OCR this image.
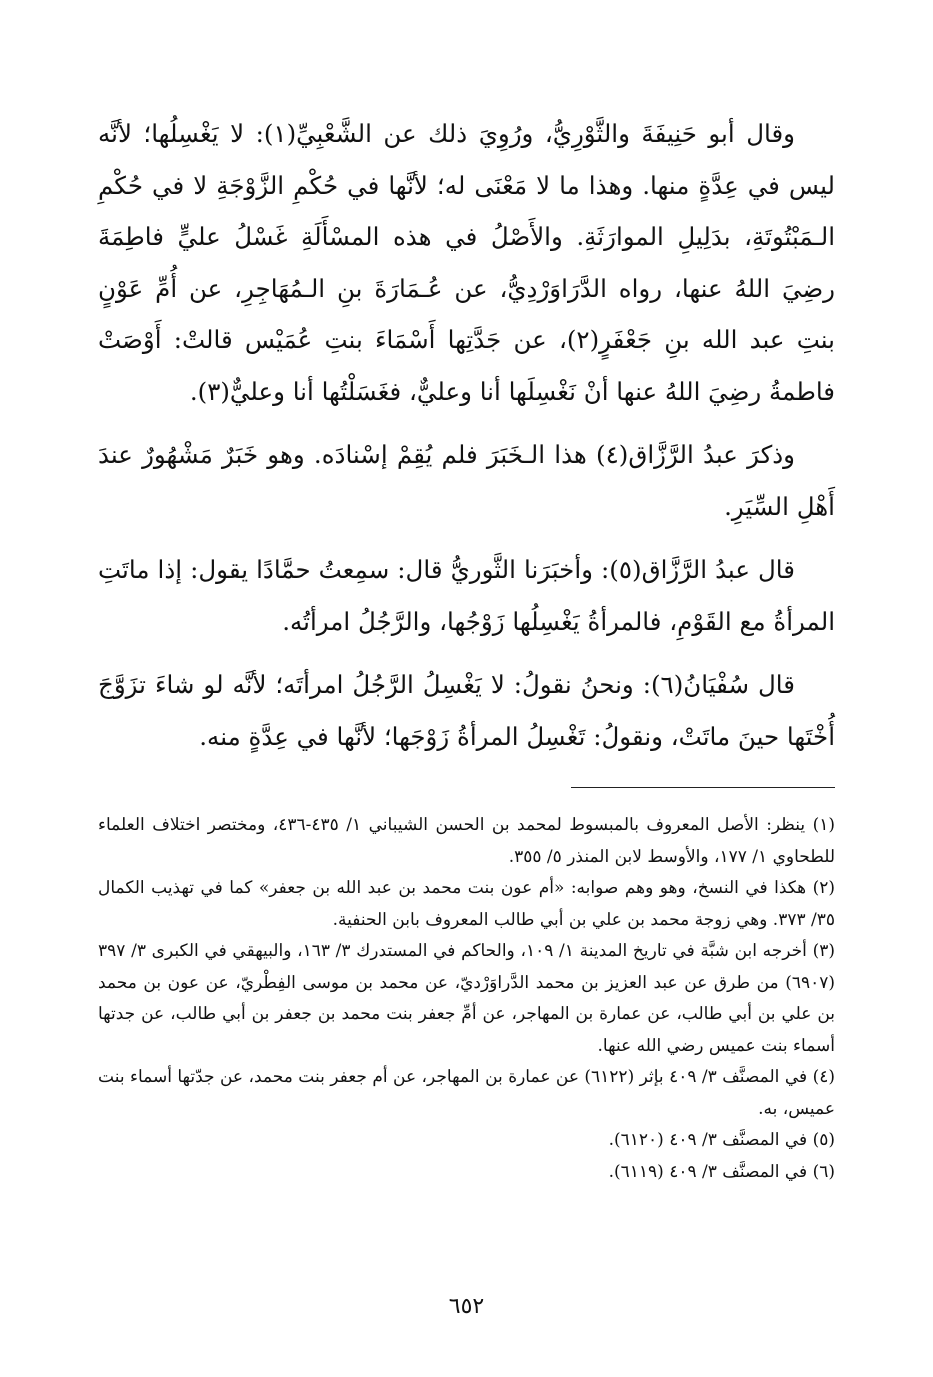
وقال أبو حَنِيفَةَ والثَّوْرِيُّ، ورُوِيَ ذلك عن الشَّعْبِيِّ(١): لا يَغْسِلُها؛ لأنَّه ليس في عِدَّةٍ منها. وهذا ما لا مَعْنَى له؛ لأنَّها في حُكْمِ الزَّوْجَةِ لا في حُكْمِ الـمَبْتُوتَةِ، بدَلِيلِ الموارَثَةِ. والأَصْلُ في هذه المسْأَلَةِ غَسْلُ عليٍّ فاطِمَةَ رضِيَ اللهُ عنها، رواه الدَّرَاوَرْدِيُّ، عن عُـمَارَةَ بنِ الـمُهَاجِرِ، عن أُمِّ عَوْنٍ بنتِ عبد الله بنِ جَعْفَرٍ(٢)، عن جَدَّتِها أَسْمَاءَ بنتِ عُمَيْس قالتْ: أَوْصَتْ فاطمةُ رضِيَ اللهُ عنها أنْ نَغْسِلَها أنا وعليٌّ، فغَسَلْتُها أنا وعليٌّ(٣).

وذكرَ عبدُ الرَّزَّاق(٤) هذا الـخَبَرَ فلم يُقِمْ إسْنادَه. وهو خَبَرٌ مَشْهُورٌ عندَ أَهْلِ السِّيَرِ.

قال عبدُ الرَّزَّاق(٥): وأخبَرَنا الثَّوريُّ قال: سمِعتُ حمَّادًا يقول: إذا ماتَتِ المرأةُ مع القَوْمِ، فالمرأةُ يَغْسِلُها زَوْجُها، والرَّجُلُ امرأتُه.

قال سُفْيَانُ(٦): ونحنُ نقولُ: لا يَغْسِلُ الرَّجُلُ امرأتَه؛ لأنَّه لو شاءَ تزَوَّجَ أُخْتَها حينَ ماتَتْ، ونقولُ: تَغْسِلُ المرأةُ زَوْجَها؛ لأنَّها في عِدَّةٍ منه.

(١) ينظر: الأصل المعروف بالمبسوط لمحمد بن الحسن الشيباني ١/ ٤٣٥-٤٣٦، ومختصر اختلاف العلماء للطحاوي ١/ ١٧٧، والأوسط لابن المنذر ٥/ ٣٥٥.

(٢) هكذا في النسخ، وهو وهم صوابه: «أم عون بنت محمد بن عبد الله بن جعفر» كما في تهذيب الكمال ٣٥/ ٣٧٣. وهي زوجة محمد بن علي بن أبي طالب المعروف بابن الحنفية.

(٣) أخرجه ابن شبَّة في تاريخ المدينة ١/ ١٠٩، والحاكم في المستدرك ٣/ ١٦٣، والبيهقي في الكبرى ٣/ ٣٩٧ (٦٩٠٧) من طرق عن عبد العزيز بن محمد الدَّراوَرْديّ، عن محمد بن موسى الفِطْريّ، عن عون بن محمد بن علي بن أبي طالب، عن عمارة بن المهاجر، عن أمِّ جعفر بنت محمد بن جعفر بن أبي طالب، عن جدتها أسماء بنت عميس رضي الله عنها.

(٤) في المصنَّف ٣/ ٤٠٩ بإثر (٦١٢٢) عن عمارة بن المهاجر، عن أم جعفر بنت محمد، عن جدّتها أسماء بنت عميس، به.

(٥) في المصنَّف ٣/ ٤٠٩ (٦١٢٠).

(٦) في المصنَّف ٣/ ٤٠٩ (٦١١٩).

٦٥٢
